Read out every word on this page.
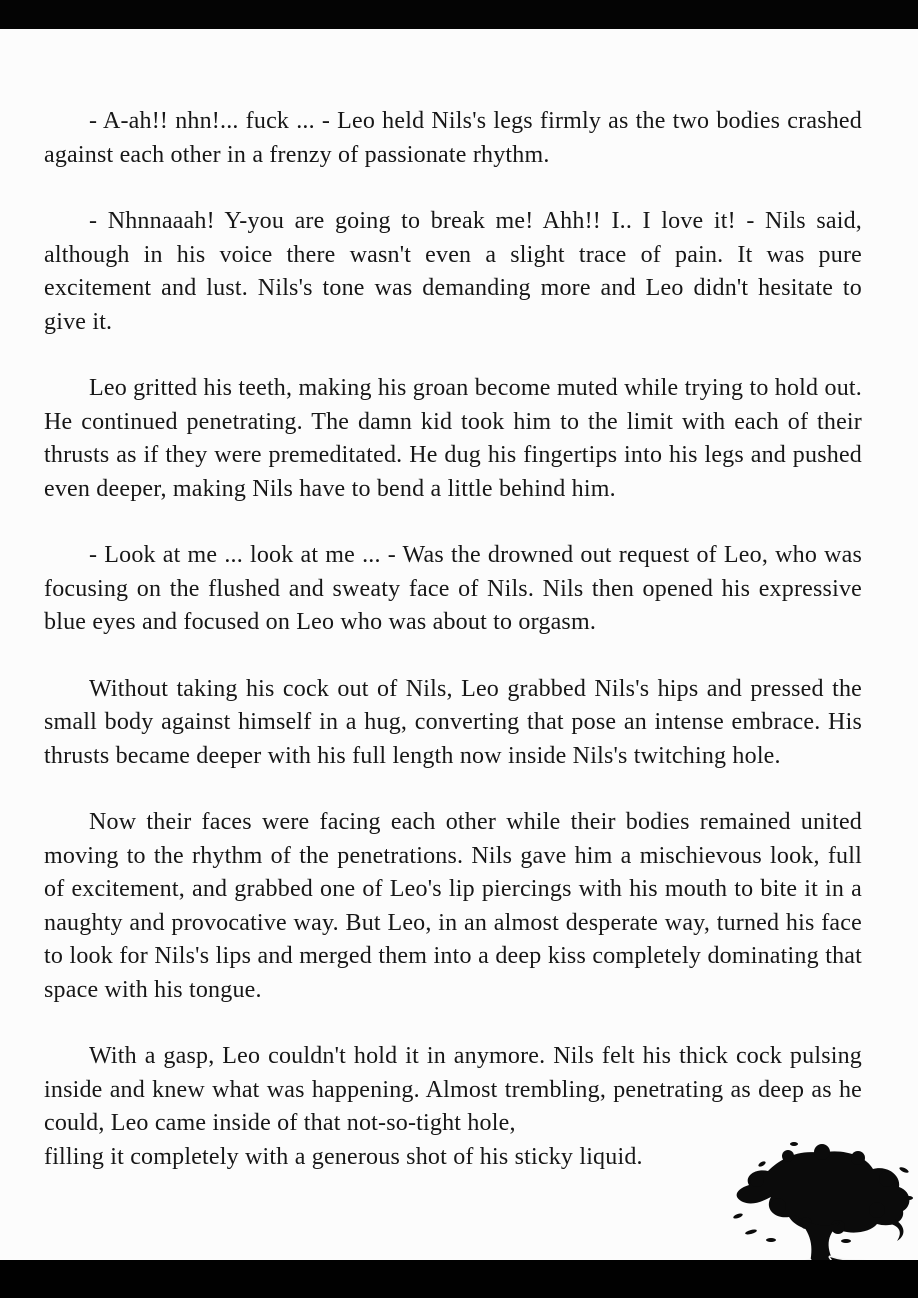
- A-ah!! nhn!... fuck ... - Leo held Nils's legs firmly as the two bodies crashed against each other in a frenzy of passionate rhythm.

- Nhnnaaah! Y-you are going to break me! Ahh!! I.. I love it! - Nils said, although in his voice there wasn't even a slight trace of pain. It was pure excitement and lust. Nils's tone was demanding more and Leo didn't hesitate to give it.

Leo gritted his teeth, making his groan become muted while trying to hold out. He continued penetrating. The damn kid took him to the limit with each of their thrusts as if they were premeditated. He dug his fingertips into his legs and pushed even deeper, making Nils have to bend a little behind him.

- Look at me ... look at me ... - Was the drowned out request of Leo, who was focusing on the flushed and sweaty face of Nils. Nils then opened his expressive blue eyes and focused on Leo who was about to orgasm.

Without taking his cock out of Nils, Leo grabbed Nils's hips and pressed the small body against himself in a hug, converting that pose an intense embrace. His thrusts became deeper with his full length now inside Nils's twitching hole.

Now their faces were facing each other while their bodies remained united moving to the rhythm of the penetrations. Nils gave him a mischievous look, full of excitement, and grabbed one of Leo's lip piercings with his mouth to bite it in a naughty and provocative way. But Leo, in an almost desperate way, turned his face to look for Nils's lips and merged them into a deep kiss completely dominating that space with his tongue.

With a gasp, Leo couldn't hold it in anymore. Nils felt his thick cock pulsing inside and knew what was happening. Almost trembling, penetrating as deep as he could, Leo came inside of that not-so-tight hole,
filling it completely with a generous shot of his sticky liquid.
